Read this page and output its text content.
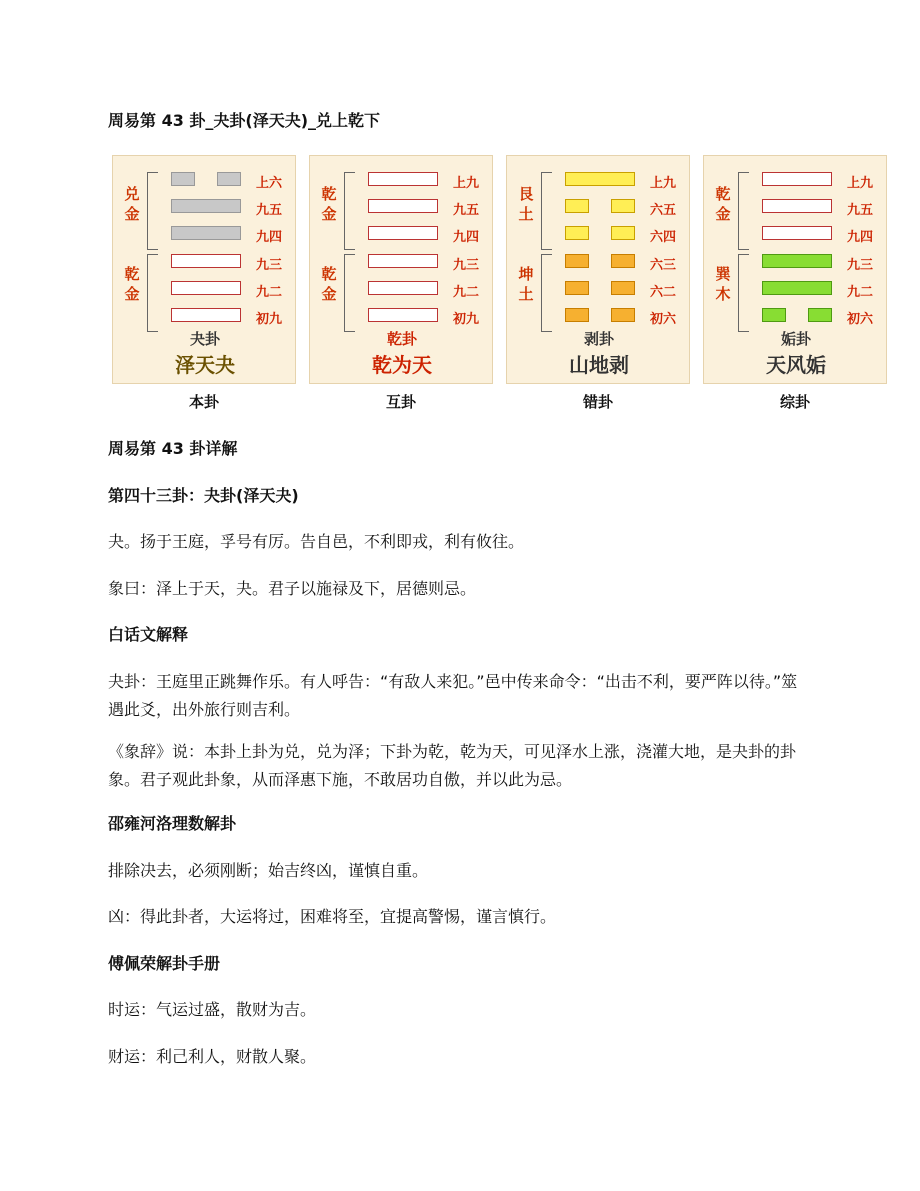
周易第 43 卦_夬卦(泽天夬)_兑上乾下
兑金
乾金
上六
九五
九四
九三
九二
初九
夬卦
泽天夬
本卦
乾金
乾金
上九
九五
九四
九三
九二
初九
乾卦
乾为天
互卦
艮土
坤土
上九
六五
六四
六三
六二
初六
剥卦
山地剥
错卦
乾金
巽木
上九
九五
九四
九三
九二
初六
姤卦
天风姤
综卦
周易第 43 卦详解
第四十三卦：夬卦(泽天夬)
夬。扬于王庭，孚号有厉。告自邑，不利即戎，利有攸往。
象曰：泽上于天，夬。君子以施禄及下，居德则忌。
白话文解释
夬卦：王庭里正跳舞作乐。有人呼告：“有敌人来犯。”邑中传来命令：“出击不利，要严阵以待。”筮遇此爻，出外旅行则吉利。
《象辞》说：本卦上卦为兑，兑为泽；下卦为乾，乾为天，可见泽水上涨，浇灌大地，是夬卦的卦象。君子观此卦象，从而泽惠下施，不敢居功自傲，并以此为忌。
邵雍河洛理数解卦
排除决去，必须刚断；始吉终凶，谨慎自重。
凶：得此卦者，大运将过，困难将至，宜提高警惕，谨言慎行。
傅佩荣解卦手册
时运：气运过盛，散财为吉。
财运：利己利人，财散人聚。
